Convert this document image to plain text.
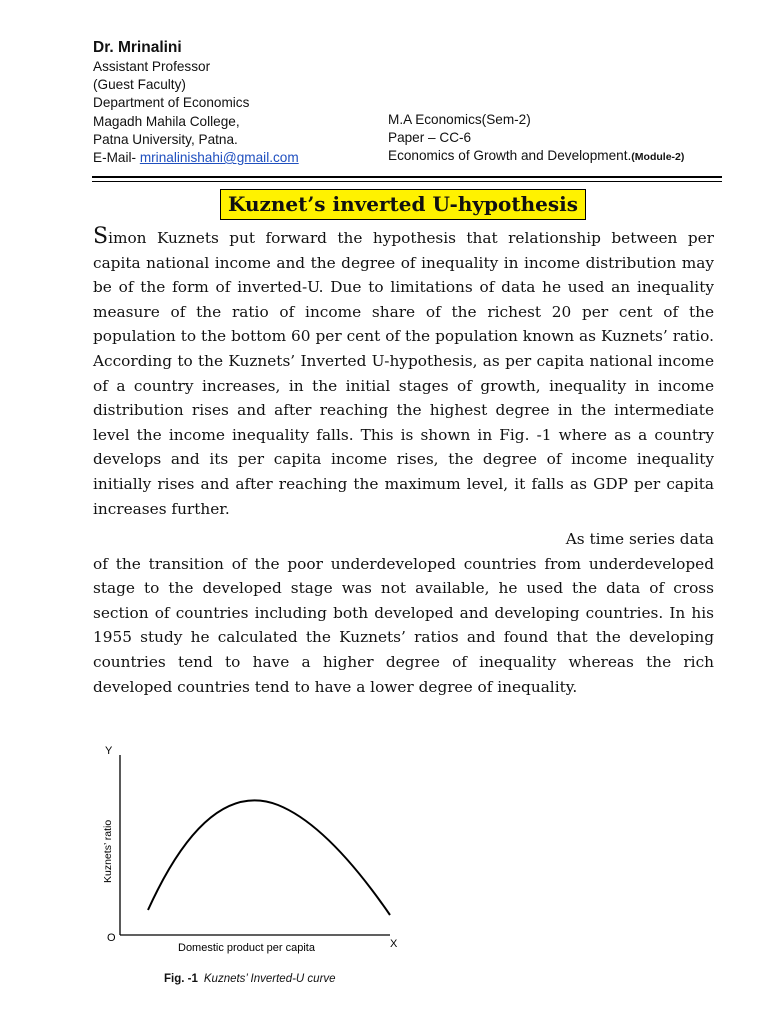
Dr. Mrinalini
Assistant Professor
(Guest Faculty)
Department of Economics
Magadh Mahila College,
Patna University, Patna.
E-Mail- mrinalinishahi@gmail.com
M.A Economics(Sem-2)
Paper – CC-6
Economics of Growth and Development.(Module-2)
Kuznet’s inverted U-hypothesis
Simon Kuznets put forward the hypothesis that relationship between per capita national income and the degree of inequality in income distribution may be of the form of inverted-U. Due to limitations of data he used an inequality measure of the ratio of income share of the richest 20 per cent of the population to the bottom 60 per cent of the population known as Kuznets’ ratio. According to the Kuznets’ Inverted U-hypothesis, as per capita national income of a country increases, in the initial stages of growth, inequality in income distribution rises and after reaching the highest degree in the intermediate level the income inequality falls. This is shown in Fig. -1 where as a country develops and its per capita income rises, the degree of income inequality initially rises and after reaching the maximum level, it falls as GDP per capita increases further.
As time series data
of the transition of the poor underdeveloped countries from underdeveloped stage to the developed stage was not available, he used the data of cross section of countries including both developed and developing countries. In his 1955 study he calculated the Kuznets’ ratios and found that the developing countries tend to have a higher degree of inequality whereas the rich developed countries tend to have a lower degree of inequality.
Y
X
O
Kuznets’ ratio
Domestic product per capita
Fig. -1 Kuznets’ Inverted-U curve
